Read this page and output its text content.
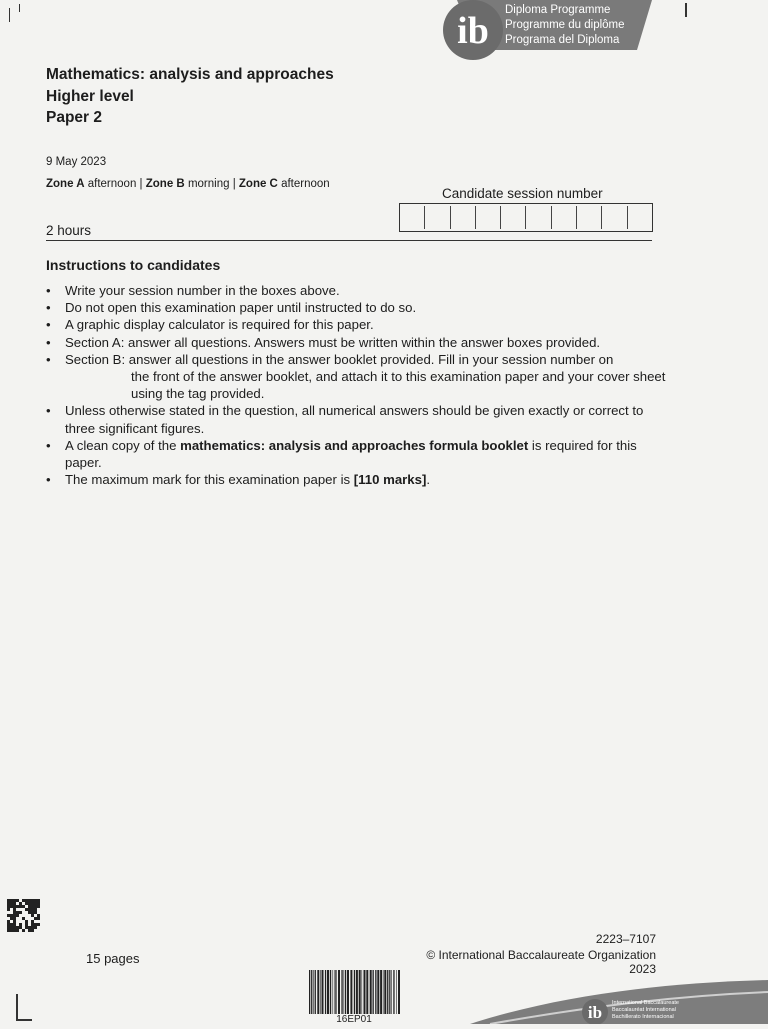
ib Diploma Programme
Programme du diplôme
Programa del Diploma
Mathematics: analysis and approaches
Higher level
Paper 2
9 May 2023
Zone A afternoon | Zone B morning | Zone C afternoon
Candidate session number
2 hours
Instructions to candidates
• Write your session number in the boxes above.
• Do not open this examination paper until instructed to do so.
• A graphic display calculator is required for this paper.
• Section A: answer all questions. Answers must be written within the answer boxes provided.
• Section B: answer all questions in the answer booklet provided. Fill in your session number on
the front of the answer booklet, and attach it to this examination paper and your cover sheet using the tag provided.
• Unless otherwise stated in the question, all numerical answers should be given exactly or correct to three significant figures.
• A clean copy of the mathematics: analysis and approaches formula booklet is required for this paper.
• The maximum mark for this examination paper is [110 marks].
15 pages
2223–7107
© International Baccalaureate Organization 2023
16EP01	ib International Baccalaureate
Baccalauréat International
Bachillerato Internacional
